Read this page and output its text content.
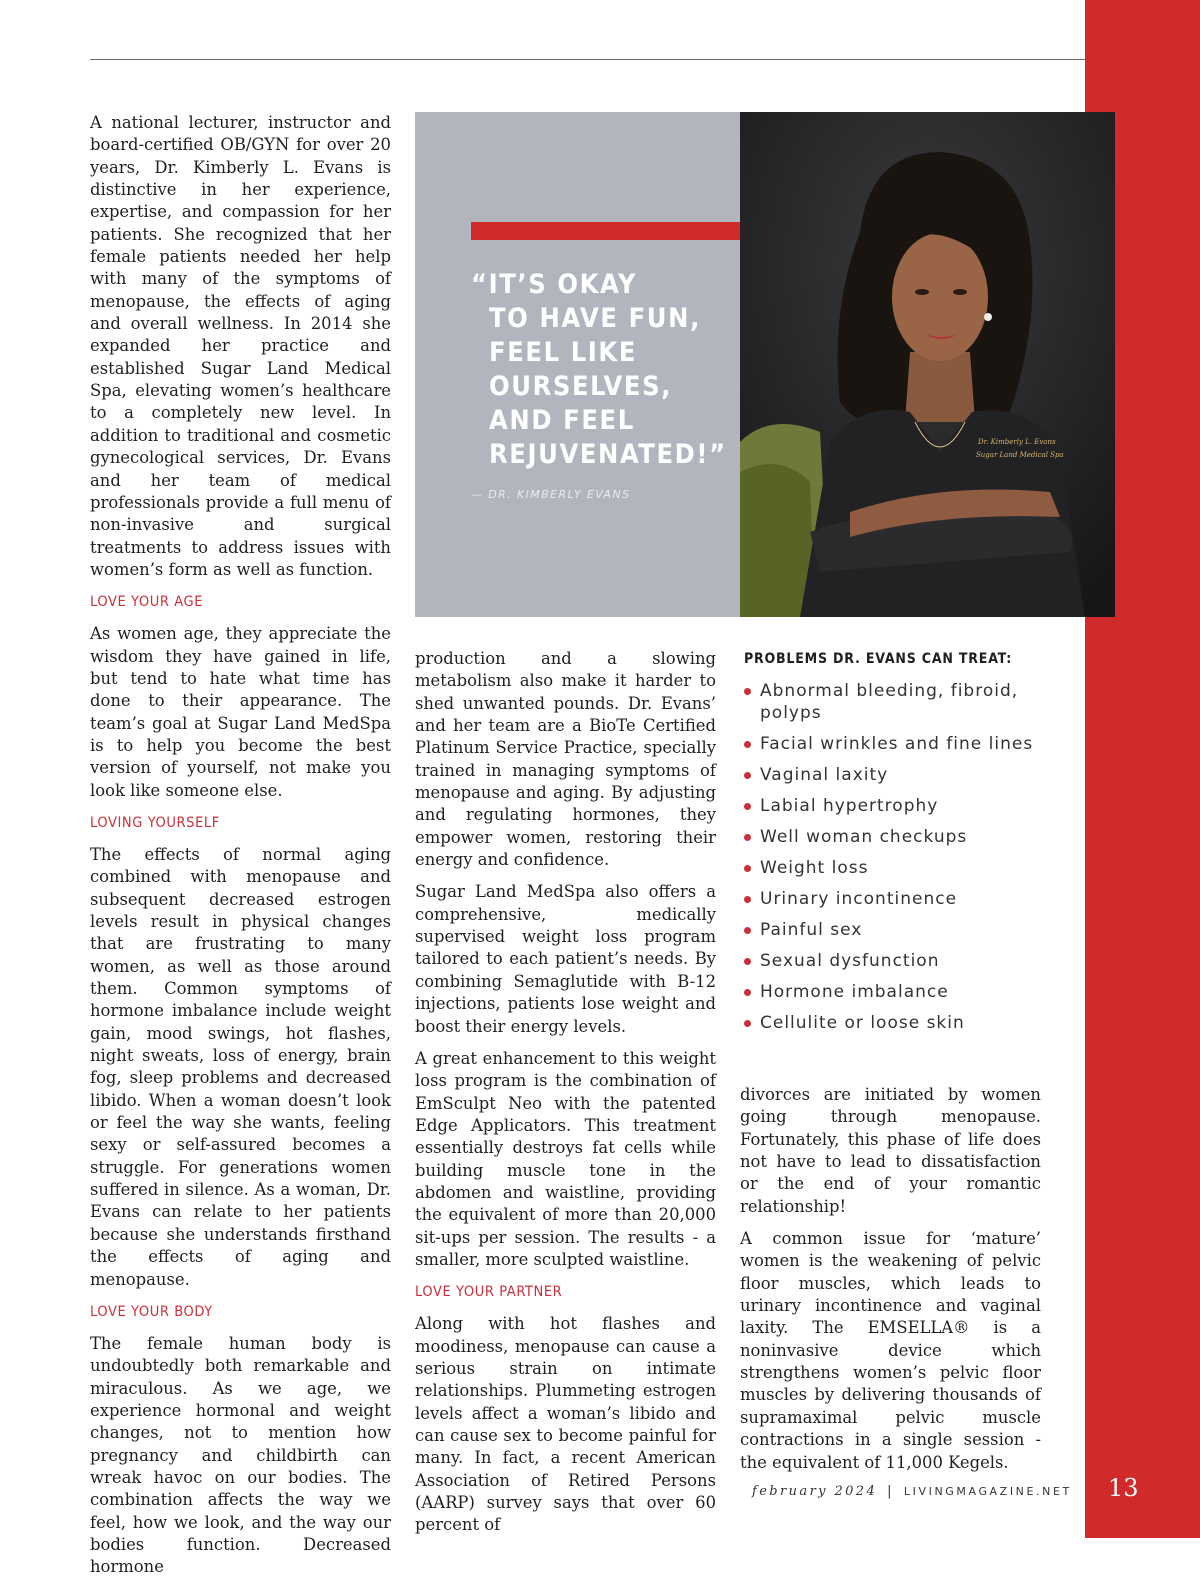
A national lecturer, instructor and board-certified OB/GYN for over 20 years, Dr. Kimberly L. Evans is distinctive in her experience, expertise, and compassion for her patients. She recognized that her female patients needed her help with many of the symptoms of menopause, the effects of aging and overall wellness. In 2014 she expanded her practice and established Sugar Land Medical Spa, elevating women’s healthcare to a completely new level. In addition to traditional and cosmetic gynecological services, Dr. Evans and her team of medical professionals provide a full menu of non-invasive and surgical treatments to address issues with women’s form as well as function.

LOVE YOUR AGE

As women age, they appreciate the wisdom they have gained in life, but tend to hate what time has done to their appearance. The team’s goal at Sugar Land MedSpa is to help you become the best version of yourself, not make you look like someone else.

LOVING YOURSELF

The effects of normal aging combined with menopause and subsequent decreased estrogen levels result in physical changes that are frustrating to many women, as well as those around them. Common symptoms of hormone imbalance include weight gain, mood swings, hot flashes, night sweats, loss of energy, brain fog, sleep problems and decreased libido. When a woman doesn’t look or feel the way she wants, feeling sexy or self-assured becomes a struggle. For generations women suffered in silence. As a woman, Dr. Evans can relate to her patients because she understands firsthand the effects of aging and menopause.

LOVE YOUR BODY

The female human body is undoubtedly both remarkable and miraculous. As we age, we experience hormonal and weight changes, not to mention how pregnancy and childbirth can wreak havoc on our bodies. The combination affects the way we feel, how we look, and the way our bodies function. Decreased hormone

“IT’S OKAY
TO HAVE FUN,
FEEL LIKE
OURSELVES,
AND FEEL
REJUVENATED!”
— DR. KIMBERLY EVANS
Dr. Kimberly L. Evans
Sugar Land Medical Spa

production and a slowing metabolism also make it harder to shed unwanted pounds. Dr. Evans’ and her team are a BioTe Certified Platinum Service Practice, specially trained in managing symptoms of menopause and aging. By adjusting and regulating hormones, they empower women, restoring their energy and confidence.

Sugar Land MedSpa also offers a comprehensive, medically supervised weight loss program tailored to each patient’s needs. By combining Semaglutide with B-12 injections, patients lose weight and boost their energy levels.

A great enhancement to this weight loss program is the combination of EmSculpt Neo with the patented Edge Applicators. This treatment essentially destroys fat cells while building muscle tone in the abdomen and waistline, providing the equivalent of more than 20,000 sit-ups per session. The results - a smaller, more sculpted waistline.

LOVE YOUR PARTNER

Along with hot flashes and moodiness, menopause can cause a serious strain on intimate relationships. Plummeting estrogen levels affect a woman’s libido and can cause sex to become painful for many. In fact, a recent American Association of Retired Persons (AARP) survey says that over 60 percent of

PROBLEMS DR. EVANS CAN TREAT:
Abnormal bleeding, fibroid, polyps
Facial wrinkles and fine lines
Vaginal laxity
Labial hypertrophy
Well woman checkups
Weight loss
Urinary incontinence
Painful sex
Sexual dysfunction
Hormone imbalance
Cellulite or loose skin

divorces are initiated by women going through menopause. Fortunately, this phase of life does not have to lead to dissatisfaction or the end of your romantic relationship!

A common issue for ‘mature’ women is the weakening of pelvic floor muscles, which leads to urinary incontinence and vaginal laxity. The EMSELLA® is a noninvasive device which strengthens women’s pelvic floor muscles by delivering thousands of supramaximal pelvic muscle contractions in a single session - the equivalent of 11,000 Kegels.

february 2024 | LIVINGMAGAZINE.NET	13
